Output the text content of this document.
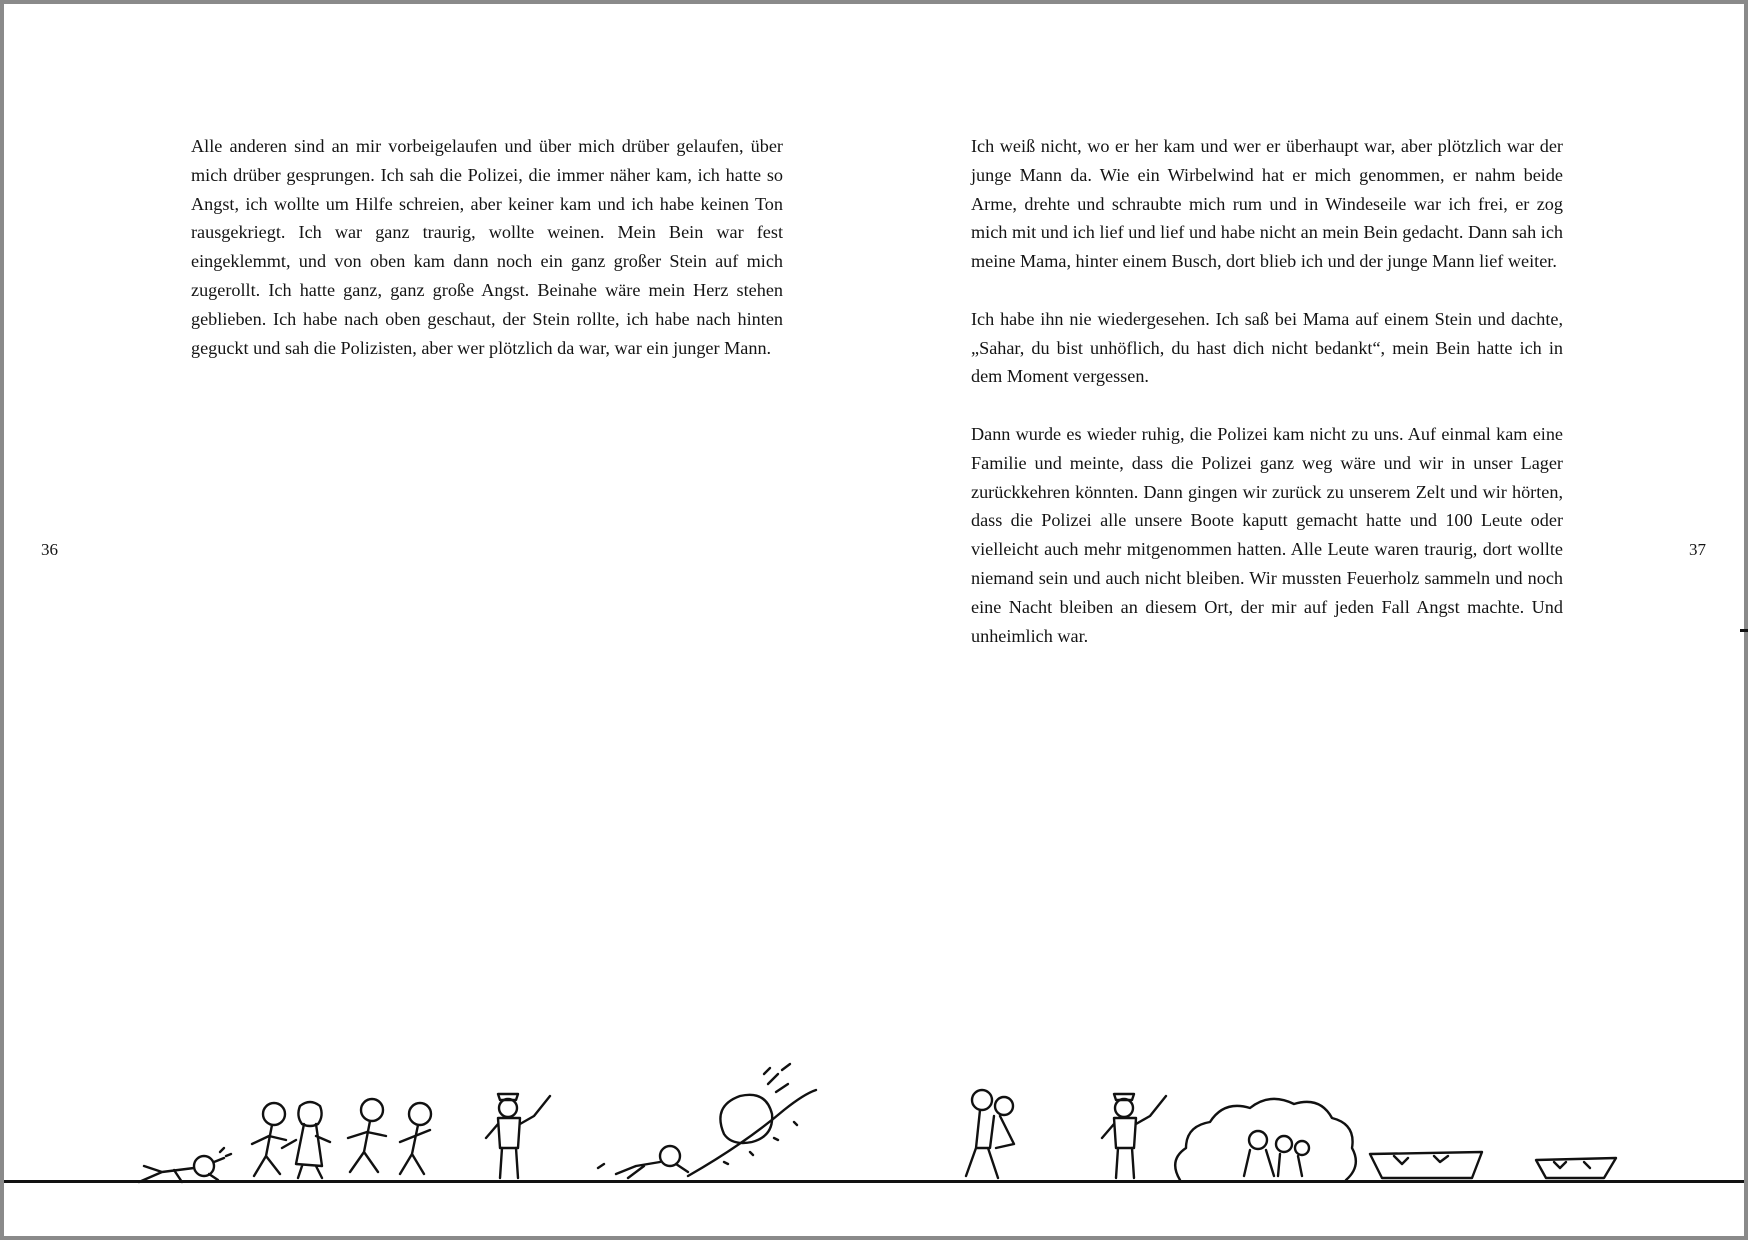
Alle anderen sind an mir vorbeigelaufen und über mich drüber gelaufen, über mich drüber gesprungen. Ich sah die Polizei, die immer näher kam, ich hatte so Angst, ich wollte um Hilfe schreien, aber keiner kam und ich habe keinen Ton rausgekriegt. Ich war ganz traurig, wollte weinen. Mein Bein war fest eingeklemmt, und von oben kam dann noch ein ganz großer Stein auf mich zugerollt. Ich hatte ganz, ganz große Angst. Beinahe wäre mein Herz stehen geblieben. Ich habe nach oben geschaut, der Stein rollte, ich habe nach hinten geguckt und sah die Polizisten, aber wer plötzlich da war, war ein junger Mann.

Ich weiß nicht, wo er her kam und wer er überhaupt war, aber plötzlich war der junge Mann da. Wie ein Wirbelwind hat er mich genommen, er nahm beide Arme, drehte und schraubte mich rum und in Windeseile war ich frei, er zog mich mit und ich lief und lief und habe nicht an mein Bein gedacht. Dann sah ich meine Mama, hinter einem Busch, dort blieb ich und der junge Mann lief weiter.

Ich habe ihn nie wiedergesehen. Ich saß bei Mama auf einem Stein und dachte, „Sahar, du bist unhöflich, du hast dich nicht bedankt“, mein Bein hatte ich in dem Moment vergessen.

Dann wurde es wieder ruhig, die Polizei kam nicht zu uns. Auf einmal kam eine Familie und meinte, dass die Polizei ganz weg wäre und wir in unser Lager zurückkehren könnten. Dann gingen wir zurück zu unserem Zelt und wir hörten, dass die Polizei alle unsere Boote kaputt gemacht hatte und 100 Leute oder vielleicht auch mehr mitgenommen hatten. Alle Leute waren traurig, dort wollte niemand sein und auch nicht bleiben. Wir mussten Feuerholz sammeln und noch eine Nacht bleiben an diesem Ort, der mir auf jeden Fall Angst machte. Und unheimlich war.

36	37
